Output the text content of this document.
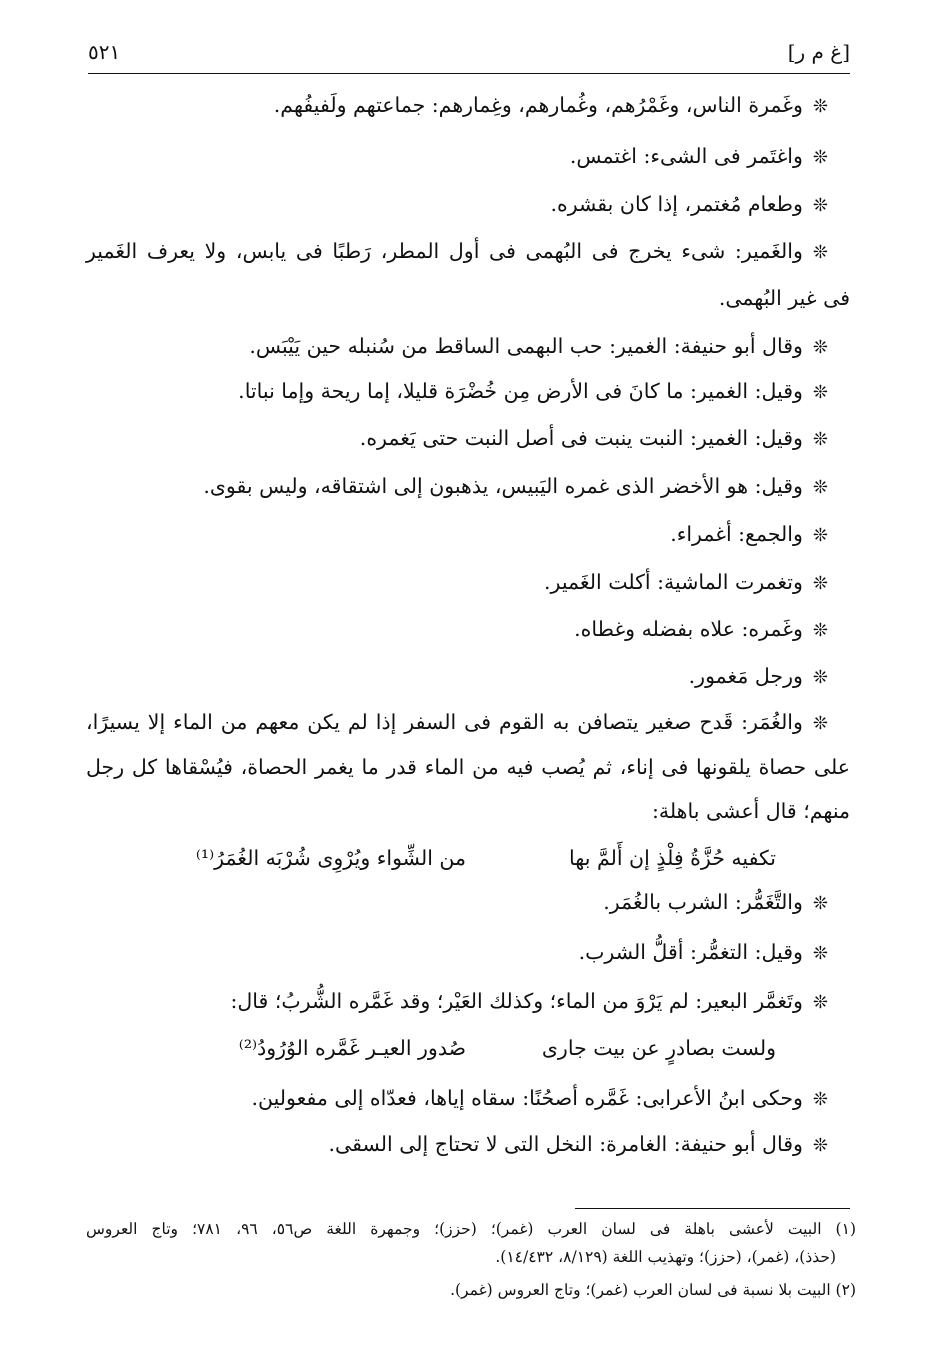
[غ م ر]
٥٢١
❊وغَمرة الناس، وغَمْرُهم، وغُمارهم، وغِمارهم: جماعتهم ولَفيفُهم.
❊واغتَمر فى الشىء: اغتمس.
❊وطعام مُغتمر، إذا كان بقشره.
❊والغَمير: شىء يخرج فى البُهمى فى أول المطر، رَطبًا فى يابس، ولا يعرف الغَمير
فى غير البُهمى.
❊وقال أبو حنيفة: الغمير: حب البهمى الساقط من سُنبله حين يَيْبَس.
❊وقيل: الغمير: ما كانَ فى الأرض مِن خُضْرَة قليلا، إما ريحة وإما نباتا.
❊وقيل: الغمير: النبت ينبت فى أصل النبت حتى يَغمره.
❊وقيل: هو الأخضر الذى غمره اليَبيس، يذهبون إلى اشتقاقه، وليس بقوى.
❊والجمع: أغمراء.
❊وتغمرت الماشية: أكلت الغَمير.
❊وغَمره: علاه بفضله وغطاه.
❊ورجل مَغمور.
❊والغُمَر: قَدح صغير يتصافن به القوم فى السفر إذا لم يكن معهم من الماء إلا يسيرًا،
على حصاة يلقونها فى إناء، ثم يُصب فيه من الماء قدر ما يغمر الحصاة، فيُسْقاها كل رجل
منهم؛ قال أعشى باهلة:
تكفيه حُزَّةُ فِلْذٍ إن أَلمَّ بها
من الشِّواء ويُرْوِى شُرْبَه الغُمَرُ⁽¹⁾
❊والتَّغَمُّر: الشرب بالغُمَر.
❊وقيل: التغمُّر: أقلُّ الشرب.
❊وتَغمَّر البعير: لم يَرْوَ من الماء؛ وكذلك العَيْر؛ وقد غَمَّره الشُّربُ؛ قال:
ولست بصادرٍ عن بيت جارى
صُدور العيـر غَمَّره الوُرُودُ⁽²⁾
❊وحكى ابنُ الأعرابى: غَمَّره أصحُنًا: سقاه إياها، فعدّاه إلى مفعولين.
❊وقال أبو حنيفة: الغامرة: النخل التى لا تحتاج إلى السقى.
(١) البيت لأعشى باهلة فى لسان العرب (غمر)؛ (حزز)؛ وجمهرة اللغة ص٥٦، ٩٦، ٧٨١؛ وتاج العروس
(حذذ)، (غمر)، (حزز)؛ وتهذيب اللغة (٨/١٢٩، ١٤/٤٣٢).
(٢) البيت بلا نسبة فى لسان العرب (غمر)؛ وتاج العروس (غمر).
